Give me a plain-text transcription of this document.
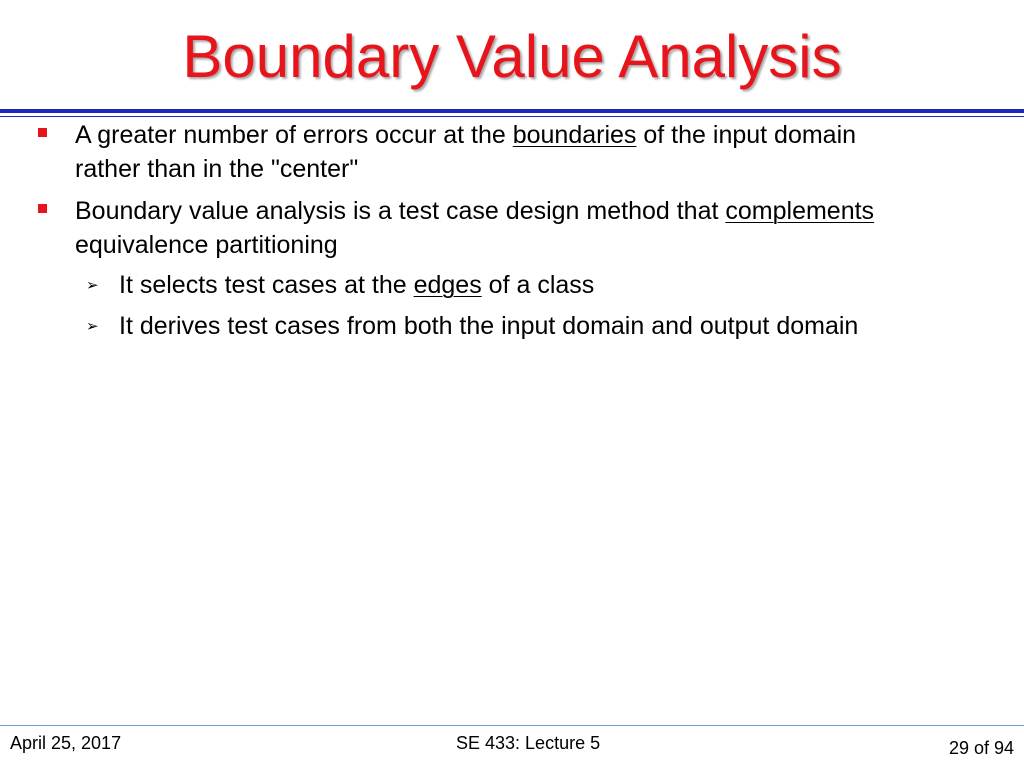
Boundary Value Analysis
A greater number of errors occur at the boundaries of the input domain
rather than in the "center"
Boundary value analysis is a test case design method that complements
equivalence partitioning
➢ It selects test cases at the edges of a class
➢ It derives test cases from both the input domain and output domain
April 25, 2017	SE 433: Lecture 5	29 of 94
